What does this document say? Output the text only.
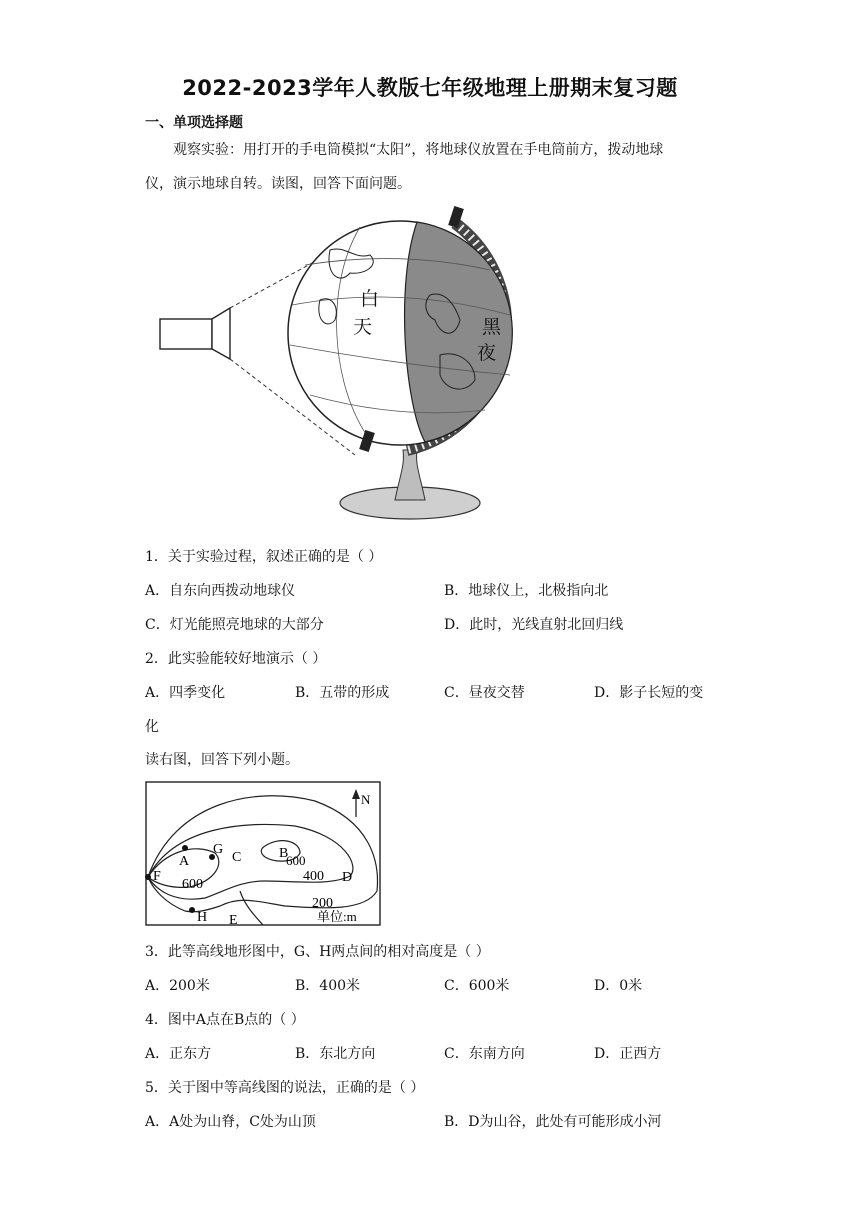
2022-2023学年人教版七年级地理上册期末复习题
一、单项选择题
观察实验：用打开的手电筒模拟“太阳”，将地球仪放置在手电筒前方，拨动地球
仪，演示地球自转。读图，回答下面问题。
白
天	黑
夜
1．关于实验过程，叙述正确的是（ ）
A．自东向西拨动地球仪	B．地球仪上，北极指向北
C．灯光能照亮地球的大部分	D．此时，光线直射北回归线
2．此实验能较好地演示（ ）
A．四季变化	B．五带的形成	C．昼夜交替	D．影子长短的变
化
读右图，回答下列小题。
N
A
G
C	B
D
E
F
H
600
600
400
200
单位:m
3．此等高线地形图中，G、H两点间的相对高度是（ ）
A．200米	B．400米	C．600米	D．0米
4．图中A点在B点的（ ）
A．正东方	B．东北方向	C．东南方向	D．正西方
5．关于图中等高线图的说法，正确的是（ ）
A．A处为山脊，C处为山顶	B．D为山谷，此处有可能形成小河
